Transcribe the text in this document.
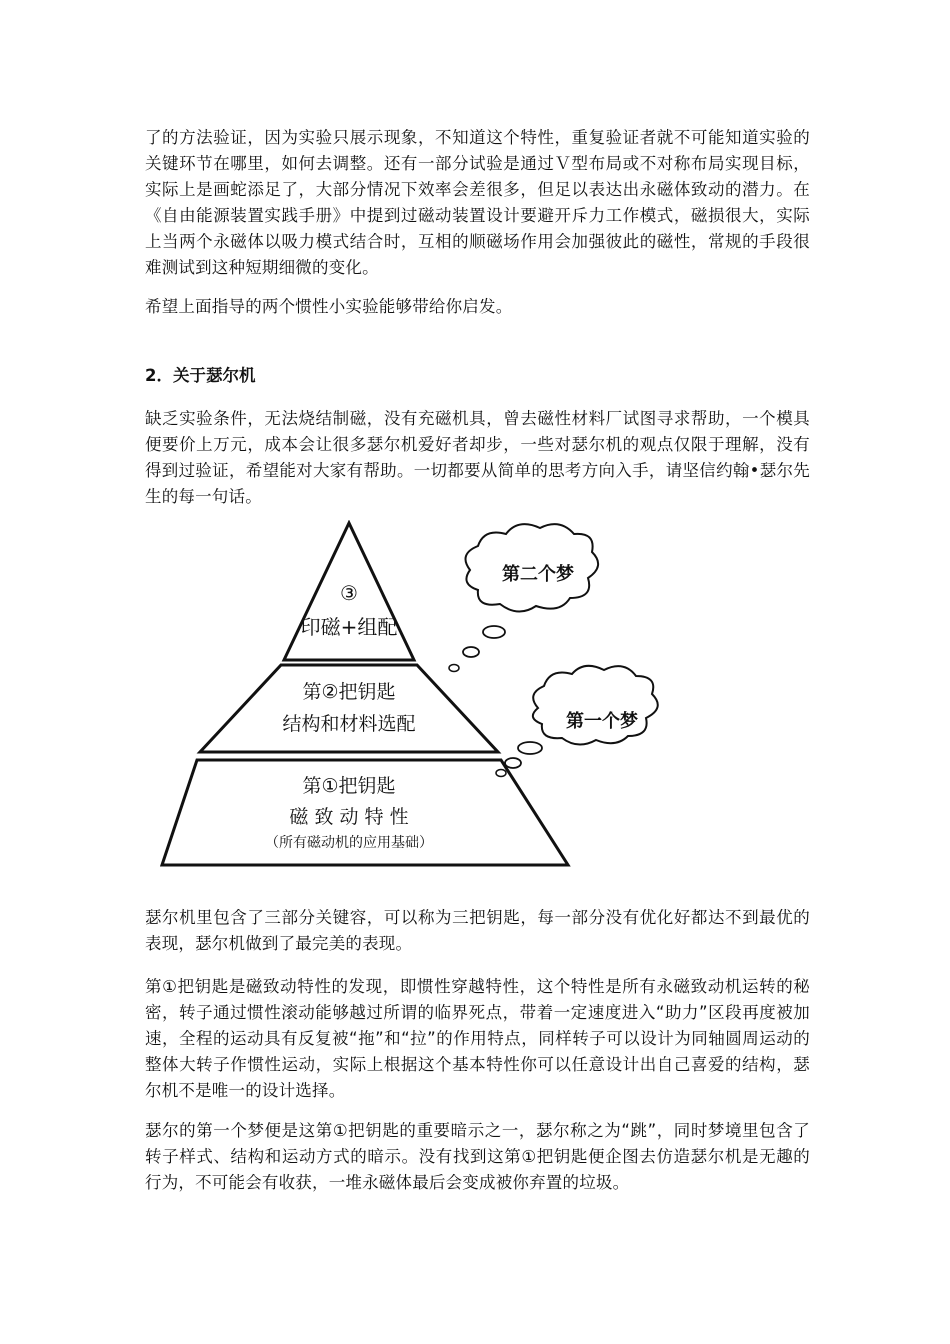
了的方法验证，因为实验只展示现象，不知道这个特性，重复验证者就不可能知道实验的关键环节在哪里，如何去调整。还有一部分试验是通过Ｖ型布局或不对称布局实现目标，实际上是画蛇添足了，大部分情况下效率会差很多，但足以表达出永磁体致动的潜力。在《自由能源装置实践手册》中提到过磁动装置设计要避开斥力工作模式，磁损很大，实际上当两个永磁体以吸力模式结合时，互相的顺磁场作用会加强彼此的磁性，常规的手段很难测试到这种短期细微的变化。

希望上面指导的两个惯性小实验能够带给你启发。

2．关于瑟尔机

缺乏实验条件，无法烧结制磁，没有充磁机具，曾去磁性材料厂试图寻求帮助，一个模具便要价上万元，成本会让很多瑟尔机爱好者却步，一些对瑟尔机的观点仅限于理解，没有得到过验证，希望能对大家有帮助。一切都要从简单的思考方向入手，请坚信约翰•瑟尔先生的每一句话。

③
印磁+组配
第②把钥匙
结构和材料选配
第①把钥匙
磁 致 动 特 性
（所有磁动机的应用基础）
第二个梦
第一个梦

瑟尔机里包含了三部分关键容，可以称为三把钥匙，每一部分没有优化好都达不到最优的表现，瑟尔机做到了最完美的表现。

第①把钥匙是磁致动特性的发现，即惯性穿越特性，这个特性是所有永磁致动机运转的秘密，转子通过惯性滚动能够越过所谓的临界死点，带着一定速度进入“助力”区段再度被加速，全程的运动具有反复被“拖”和“拉”的作用特点，同样转子可以设计为同轴圆周运动的整体大转子作惯性运动，实际上根据这个基本特性你可以任意设计出自己喜爱的结构，瑟尔机不是唯一的设计选择。

瑟尔的第一个梦便是这第①把钥匙的重要暗示之一，瑟尔称之为“跳”，同时梦境里包含了转子样式、结构和运动方式的暗示。没有找到这第①把钥匙便企图去仿造瑟尔机是无趣的行为，不可能会有收获，一堆永磁体最后会变成被你弃置的垃圾。
